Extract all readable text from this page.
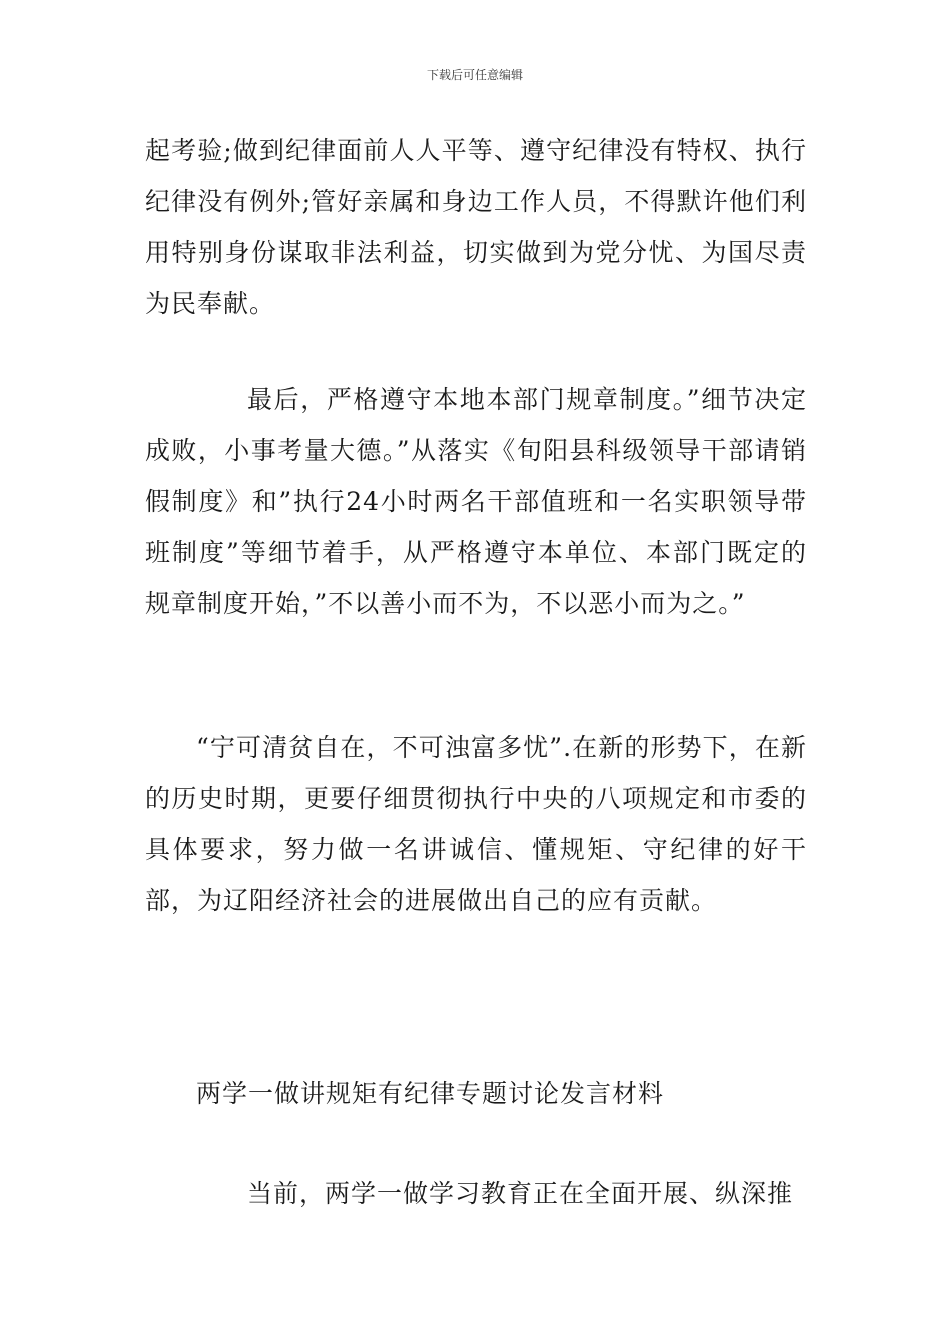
下载后可任意编辑

起考验;做到纪律面前人人平等、遵守纪律没有特权、执行纪律没有例外;管好亲属和身边工作人员，不得默许他们利用特别身份谋取非法利益，切实做到为党分忧、为国尽责为民奉献。

最后，严格遵守本地本部门规章制度。”细节决定成败，小事考量大德。”从落实《旬阳县科级领导干部请销假制度》和”执行24小时两名干部值班和一名实职领导带班制度”等细节着手，从严格遵守本单位、本部门既定的规章制度开始，”不以善小而不为，不以恶小而为之。”

“宁可清贫自在，不可浊富多忧”.在新的形势下，在新的历史时期，更要仔细贯彻执行中央的八项规定和市委的具体要求，努力做一名讲诚信、懂规矩、守纪律的好干部，为辽阳经济社会的进展做出自己的应有贡献。

两学一做讲规矩有纪律专题讨论发言材料

当前，两学一做学习教育正在全面开展、纵深推
